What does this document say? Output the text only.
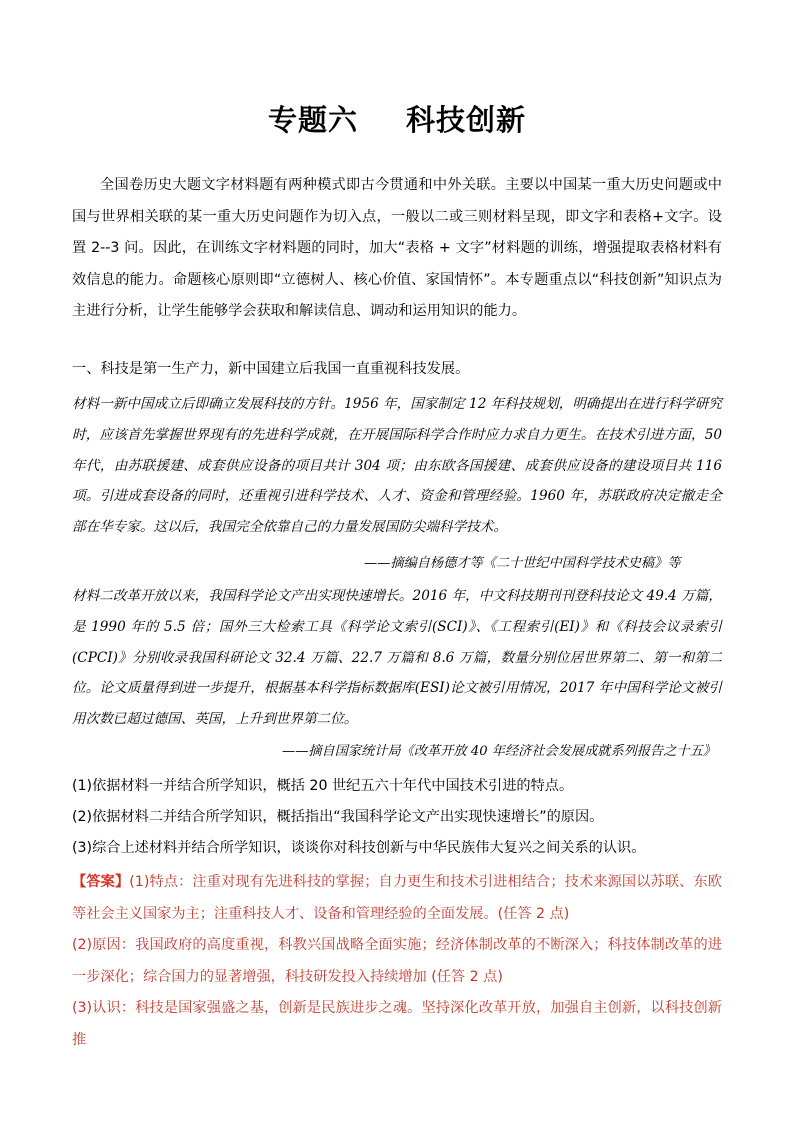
专题六 科技创新
全国卷历史大题文字材料题有两种模式即古今贯通和中外关联。主要以中国某一重大历史问题或中国与世界相关联的某一重大历史问题作为切入点，一般以二或三则材料呈现，即文字和表格+文字。设置 2--3 问。因此，在训练文字材料题的同时，加大“表格 + 文字”材料题的训练，增强提取表格材料有效信息的能力。命题核心原则即“立德树人、核心价值、家国情怀”。本专题重点以“科技创新”知识点为主进行分析，让学生能够学会获取和解读信息、调动和运用知识的能力。
一、科技是第一生产力，新中国建立后我国一直重视科技发展。
材料一新中国成立后即确立发展科技的方针。1956 年，国家制定 12 年科技规划，明确提出在进行科学研究时，应该首先掌握世界现有的先进科学成就，在开展国际科学合作时应力求自力更生。在技术引进方面，50 年代，由苏联援建、成套供应设备的项目共计 304 项；由东欧各国援建、成套供应设备的建设项目共 116 项。引进成套设备的同时，还重视引进科学技术、人才、资金和管理经验。1960 年，苏联政府决定撤走全部在华专家。这以后，我国完全依靠自己的力量发展国防尖端科学技术。
——摘编自杨德才等《二十世纪中国科学技术史稿》等
材料二改革开放以来，我国科学论文产出实现快速增长。2016 年，中文科技期刊刊登科技论文 49.4 万篇，是 1990 年的 5.5 倍；国外三大检索工具《科学论文索引(SCI)》、《工程索引(EI)》和《科技会议录索引(CPCI)》分别收录我国科研论文 32.4 万篇、22.7 万篇和 8.6 万篇，数量分别位居世界第二、第一和第二位。论文质量得到进一步提升，根据基本科学指标数据库(ESI)论文被引用情况，2017 年中国科学论文被引用次数已超过德国、英国，上升到世界第二位。
——摘自国家统计局《改革开放 40 年经济社会发展成就系列报告之十五》
(1)依据材料一并结合所学知识，概括 20 世纪五六十年代中国技术引进的特点。
(2)依据材料二并结合所学知识，概括指出“我国科学论文产出实现快速增长”的原因。
(3)综合上述材料并结合所学知识，谈谈你对科技创新与中华民族伟大复兴之间关系的认识。

【答案】(1)特点：注重对现有先进科技的掌握；自力更生和技术引进相结合；技术来源国以苏联、东欧等社会主义国家为主；注重科技人才、设备和管理经验的全面发展。(任答 2 点)

(2)原因：我国政府的高度重视，科教兴国战略全面实施；经济体制改革的不断深入；科技体制改革的进一步深化；综合国力的显著增强，科技研发投入持续增加 (任答 2 点)

(3)认识：科技是国家强盛之基，创新是民族进步之魂。坚持深化改革开放，加强自主创新，以科技创新推
